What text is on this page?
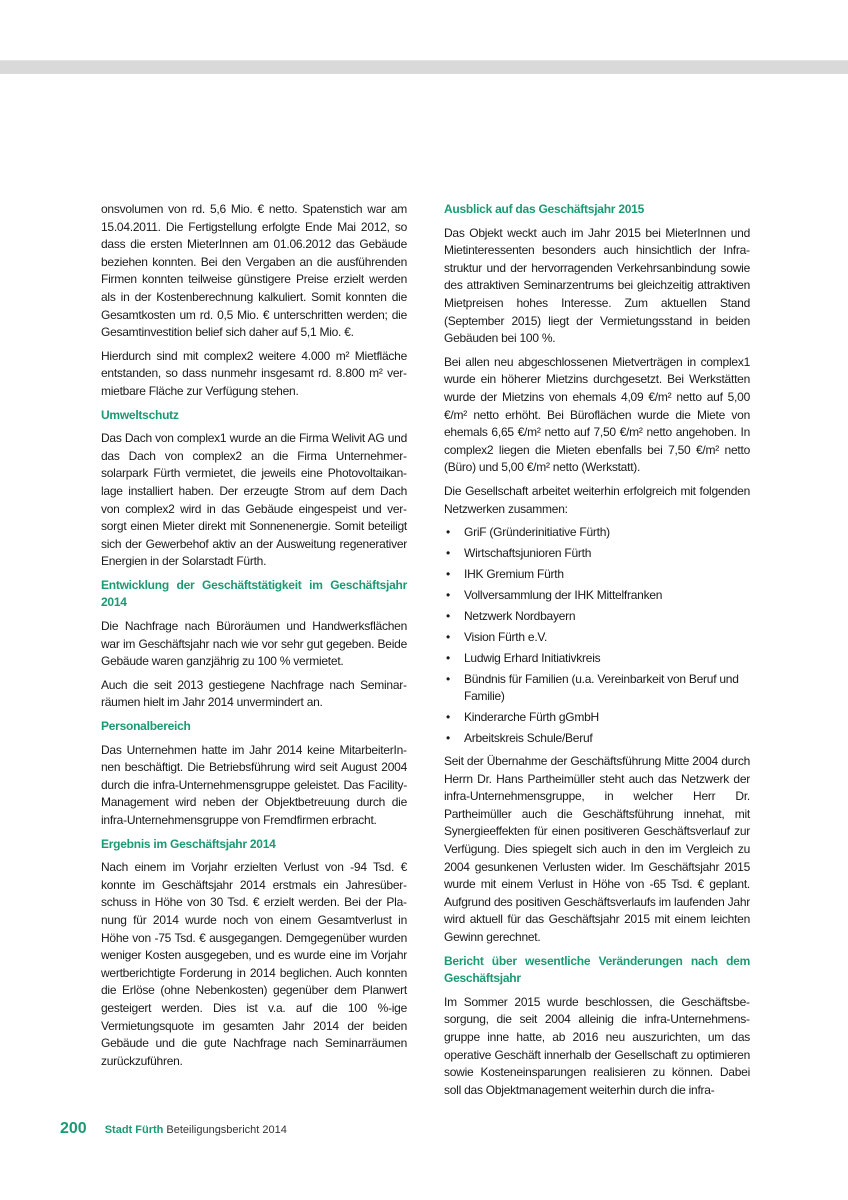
onsvolumen von rd. 5,6 Mio. € netto. Spatenstich war am 15.04.2011. Die Fertigstellung erfolgte Ende Mai 2012, so dass die ersten MieterInnen am 01.06.2012 das Gebäude beziehen konnten. Bei den Vergaben an die ausführenden Firmen konnten teilweise günstigere Preise erzielt werden als in der Kostenberechnung kalkuliert. Somit konnten die Gesamtkosten um rd. 0,5 Mio. € unterschritten werden; die Gesamtinvestition belief sich daher auf 5,1 Mio. €.

Hierdurch sind mit complex2 weitere 4.000 m² Mietfläche entstanden, so dass nunmehr insgesamt rd. 8.800 m² vermietbare Fläche zur Verfügung stehen.

Umweltschutz

Das Dach von complex1 wurde an die Firma Welivit AG und das Dach von complex2 an die Firma Unternehmersolarpark Fürth vermietet, die jeweils eine Photovoltaikanlage installiert haben. Der erzeugte Strom auf dem Dach von complex2 wird in das Gebäude eingespeist und versorgt einen Mieter direkt mit Sonnenenergie. Somit beteiligt sich der Gewerbehof aktiv an der Ausweitung regenerativer Energien in der Solarstadt Fürth.

Entwicklung der Geschäftstätigkeit im Geschäftsjahr 2014

Die Nachfrage nach Büroräumen und Handwerksflächen war im Geschäftsjahr nach wie vor sehr gut gegeben. Beide Gebäude waren ganzjährig zu 100 % vermietet.

Auch die seit 2013 gestiegene Nachfrage nach Seminarräumen hielt im Jahr 2014 unvermindert an.

Personalbereich

Das Unternehmen hatte im Jahr 2014 keine MitarbeiterInnen beschäftigt. Die Betriebsführung wird seit August 2004 durch die infra-Unternehmensgruppe geleistet. Das Facility-Management wird neben der Objektbetreuung durch die infra-Unternehmensgruppe von Fremdfirmen erbracht.

Ergebnis im Geschäftsjahr 2014

Nach einem im Vorjahr erzielten Verlust von -94 Tsd. € konnte im Geschäftsjahr 2014 erstmals ein Jahresüberschuss in Höhe von 30 Tsd. € erzielt werden. Bei der Planung für 2014 wurde noch von einem Gesamtverlust in Höhe von -75 Tsd. € ausgegangen. Demgegenüber wurden weniger Kosten ausgegeben, und es wurde eine im Vorjahr wertberichtigte Forderung in 2014 beglichen. Auch konnten die Erlöse (ohne Nebenkosten) gegenüber dem Planwert gesteigert werden. Dies ist v.a. auf die 100 %-ige Vermietungsquote im gesamten Jahr 2014 der beiden Gebäude und die gute Nachfrage nach Seminarräumen zurückzuführen.

Ausblick auf das Geschäftsjahr 2015

Das Objekt weckt auch im Jahr 2015 bei MieterInnen und Mietinteressenten besonders auch hinsichtlich der Infrastruktur und der hervorragenden Verkehrsanbindung sowie des attraktiven Seminarzentrums bei gleichzeitig attraktiven Mietpreisen hohes Interesse. Zum aktuellen Stand (September 2015) liegt der Vermietungsstand in beiden Gebäuden bei 100 %.

Bei allen neu abgeschlossenen Mietverträgen in complex1 wurde ein höherer Mietzins durchgesetzt. Bei Werkstätten wurde der Mietzins von ehemals 4,09 €/m² netto auf 5,00 €/m² netto erhöht. Bei Büroflächen wurde die Miete von ehemals 6,65 €/m² netto auf 7,50 €/m² netto angehoben. In complex2 liegen die Mieten ebenfalls bei 7,50 €/m² netto (Büro) und 5,00 €/m² netto (Werkstatt).

Die Gesellschaft arbeitet weiterhin erfolgreich mit folgenden Netzwerken zusammen:

• GriF (Gründerinitiative Fürth)
• Wirtschaftsjunioren Fürth
• IHK Gremium Fürth
• Vollversammlung der IHK Mittelfranken
• Netzwerk Nordbayern
• Vision Fürth e.V.
• Ludwig Erhard Initiativkreis
• Bündnis für Familien (u.a. Vereinbarkeit von Beruf und Familie)
• Kinderarche Fürth gGmbH
• Arbeitskreis Schule/Beruf

Seit der Übernahme der Geschäftsführung Mitte 2004 durch Herrn Dr. Hans Partheimüller steht auch das Netzwerk der infra-Unternehmensgruppe, in welcher Herr Dr. Partheimüller auch die Geschäftsführung innehat, mit Synergieeffekten für einen positiveren Geschäftsverlauf zur Verfügung. Dies spiegelt sich auch in den im Vergleich zu 2004 gesunkenen Verlusten wider. Im Geschäftsjahr 2015 wurde mit einem Verlust in Höhe von -65 Tsd. € geplant. Aufgrund des positiven Geschäftsverlaufs im laufenden Jahr wird aktuell für das Geschäftsjahr 2015 mit einem leichten Gewinn gerechnet.

Bericht über wesentliche Veränderungen nach dem Geschäftsjahr

Im Sommer 2015 wurde beschlossen, die Geschäftsbesorgung, die seit 2004 alleinig die infra-Unternehmensgruppe inne hatte, ab 2016 neu auszurichten, um das operative Geschäft innerhalb der Gesellschaft zu optimieren sowie Kosteneinsparungen realisieren zu können. Dabei soll das Objektmanagement weiterhin durch die infra-

200 Stadt Fürth Beteiligungsbericht 2014
